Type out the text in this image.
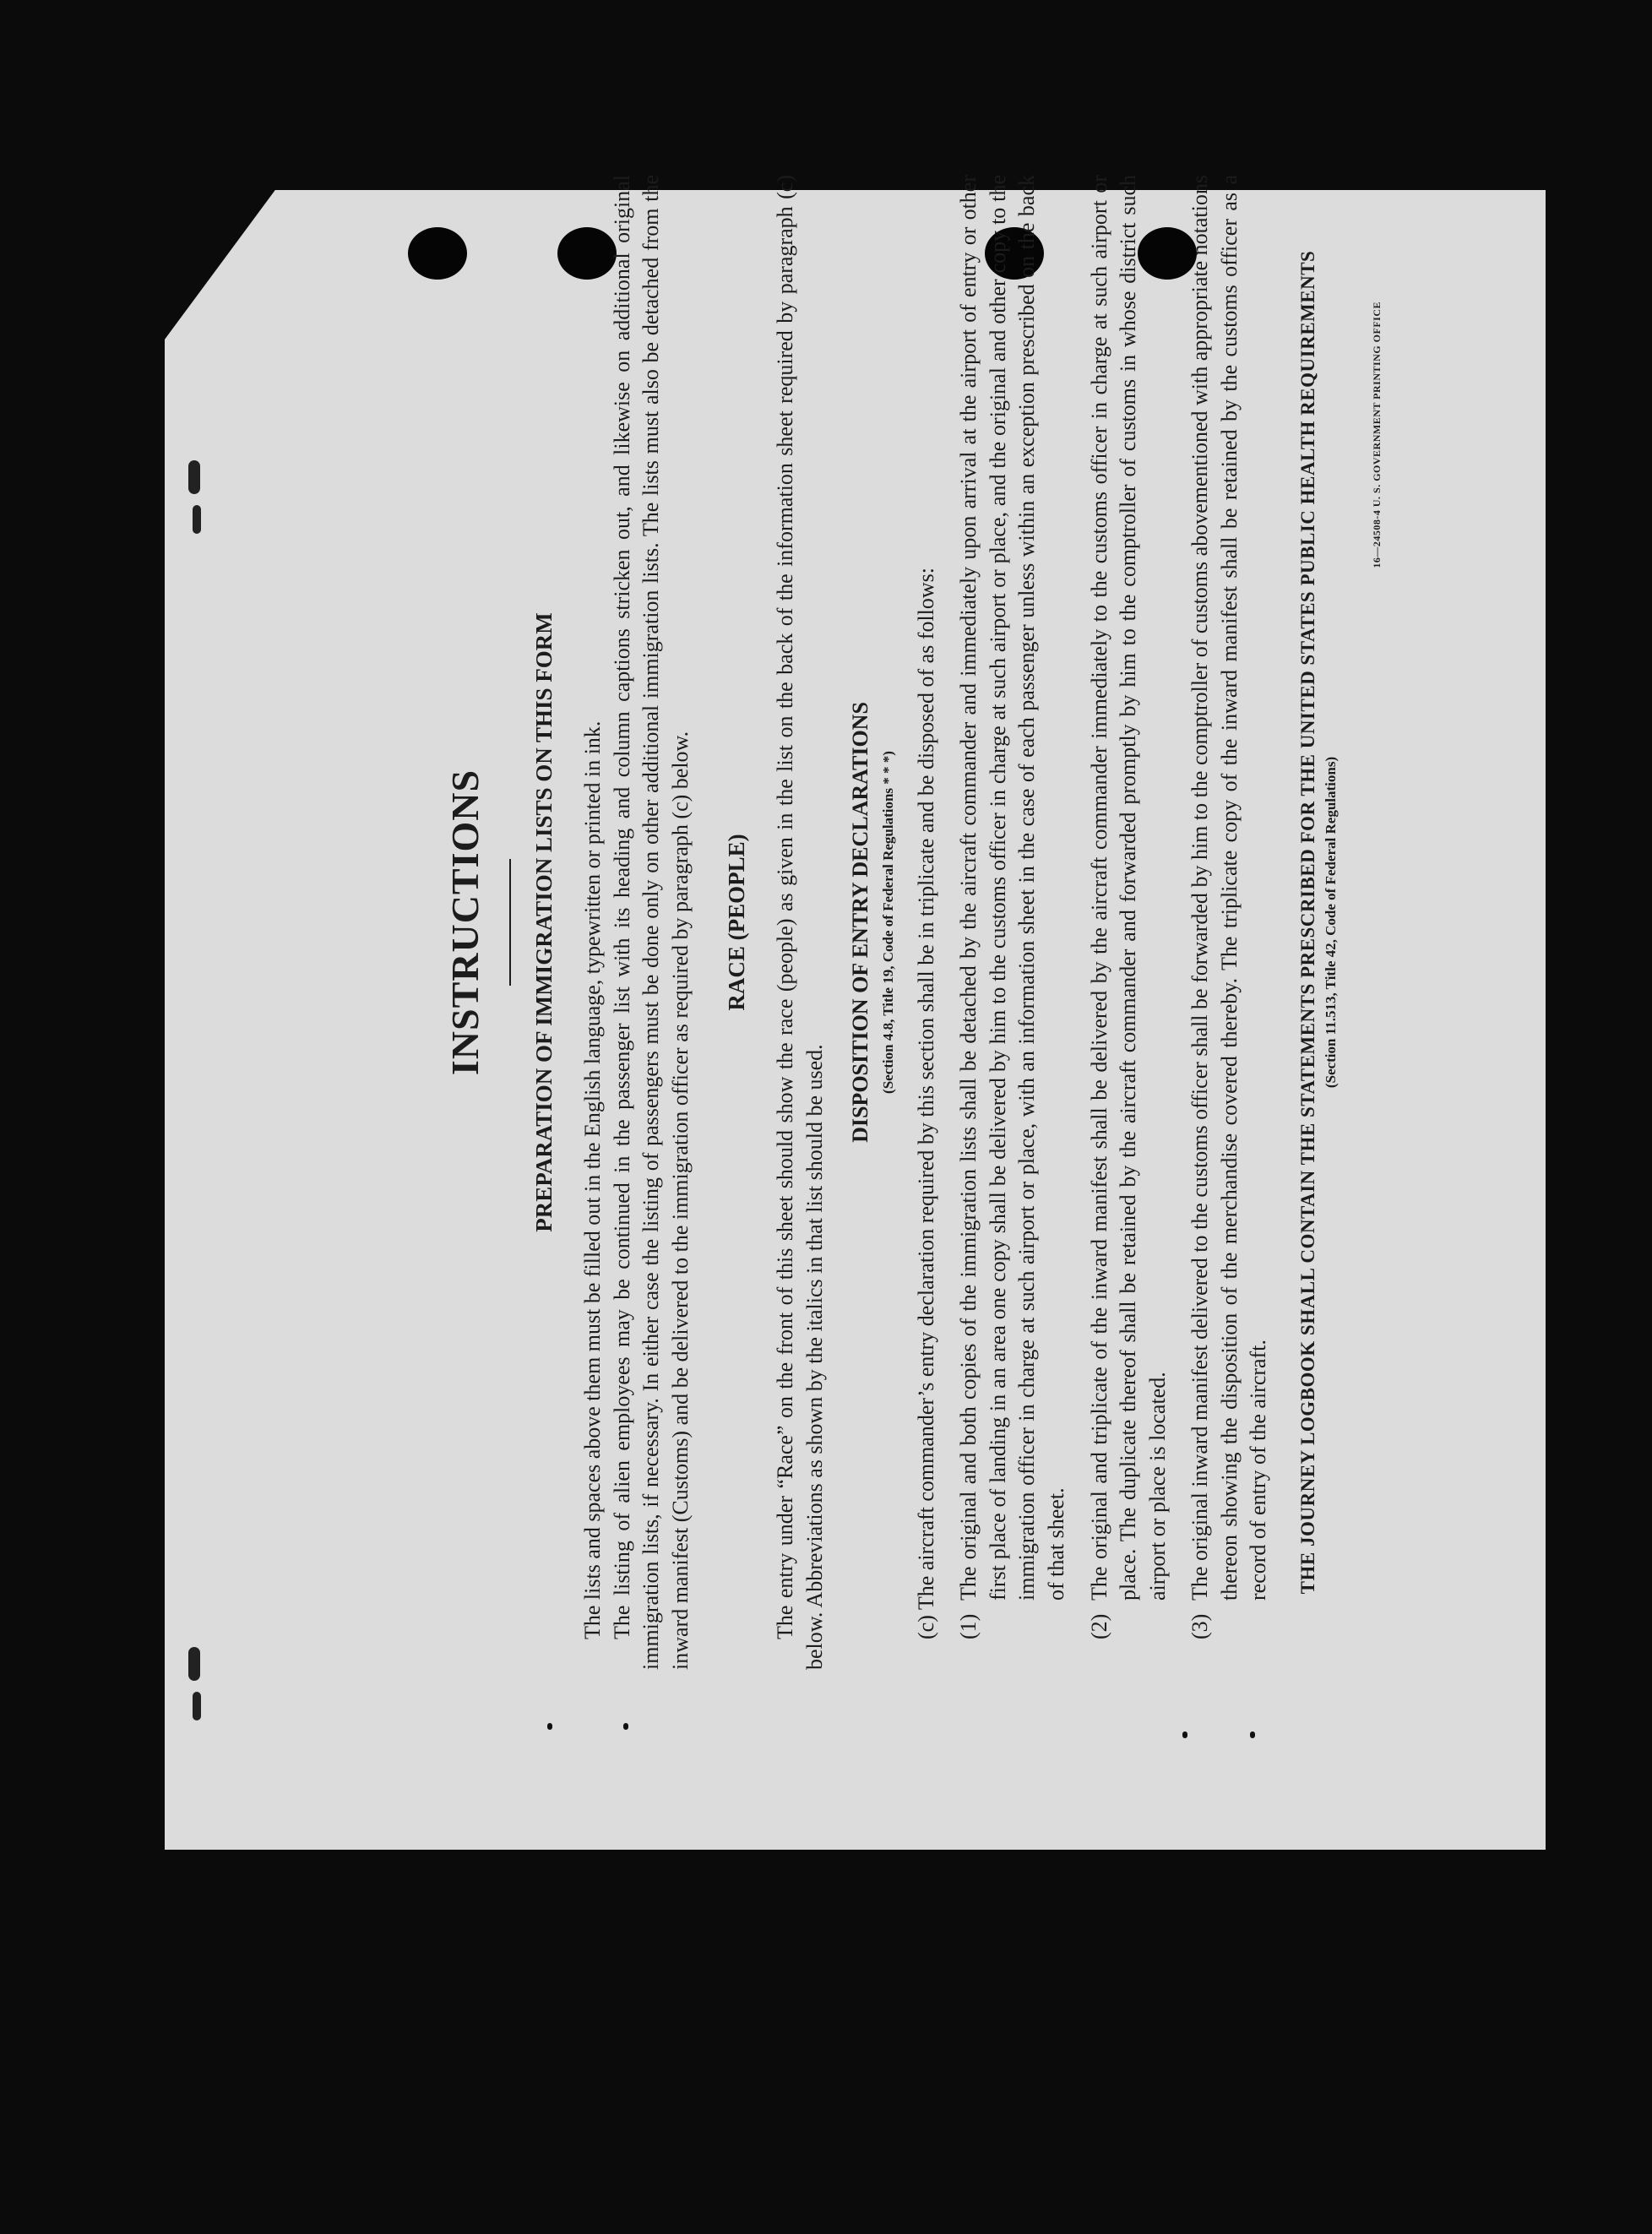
INSTRUCTIONS PREPARATION OF IMMIGRATION LISTS ON THIS FORM The lists and spaces above them must be filled out in the English language, typewritten or printed in ink. The listing of alien employees may be continued in the passenger list with its heading and column captions stricken out, and likewise on additional original immigration lists, if necessary. In either case the listing of passengers must be done only on other additional immigration lists. The lists must also be detached from the inward manifest (Customs) and be delivered to the immigration officer as required by paragraph (c) below. RACE (PEOPLE) The entry under “Race” on the front of this sheet should show the race (people) as given in the list on the back of the information sheet required by paragraph (c) below. Abbreviations as shown by the italics in that list should be used.

DISPOSITION OF ENTRY DECLARATIONS (Section 4.8, Title 19, Code of Federal Regulations * * *) (c) The aircraft commander’s entry declaration required by this section shall be in triplicate and be disposed of as follows: (1)
The original and both copies of the immigration lists shall be detached by the aircraft commander and immediately upon arrival at the airport of entry or other first place of landing in an area one copy shall be delivered by him to the customs officer in charge at such airport or place, and the original and other copy to the immigration officer in charge at such airport or place, with an information sheet in the case of each passenger unless within an exception prescribed on the back of that sheet.
(2)
The original and triplicate of the inward manifest shall be delivered by the aircraft commander immediately to the customs officer in charge at such airport or place. The duplicate thereof shall be retained by the aircraft commander and forwarded promptly by him to the comptroller of customs in whose district such airport or place is located.
(3)
The original inward manifest delivered to the customs officer shall be forwarded by him to the comptroller of customs abovementioned with appropriate notations thereon showing the disposition of the merchandise covered thereby. The triplicate copy of the inward manifest shall be retained by the customs officer as a record of entry of the aircraft. THE JOURNEY LOGBOOK SHALL CONTAIN THE STATEMENTS PRESCRIBED FOR THE UNITED STATES PUBLIC HEALTH REQUIREMENTS (Section 11.513, Title 42, Code of Federal Regulations)
16—24508-4 U. S. GOVERNMENT PRINTING OFFICE
